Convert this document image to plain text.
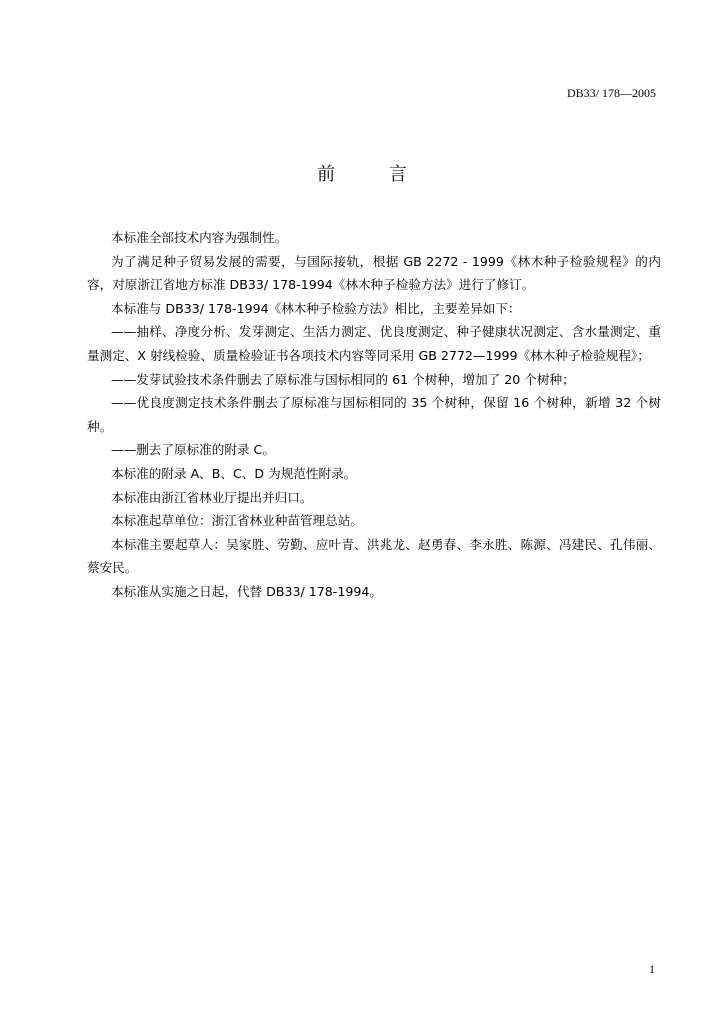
DB33/ 178—2005
前 言

本标准全部技术内容为强制性。

为了满足种子贸易发展的需要，与国际接轨，根据 GB 2272 - 1999《林木种子检验规程》的内容，对原浙江省地方标准 DB33/ 178-1994《林木种子检验方法》进行了修订。

本标准与 DB33/ 178-1994《林木种子检验方法》相比，主要差异如下：

——抽样、净度分析、发芽测定、生活力测定、优良度测定、种子健康状况测定、含水量测定、重量测定、X 射线检验、质量检验证书各项技术内容等同采用 GB 2772—1999《林木种子检验规程》；

——发芽试验技术条件删去了原标准与国标相同的 61 个树种，增加了 20 个树种；

——优良度测定技术条件删去了原标准与国标相同的 35 个树种，保留 16 个树种，新增 32 个树种。

——删去了原标准的附录 C。

本标准的附录 A、B、C、D 为规范性附录。

本标准由浙江省林业厅提出并归口。

本标准起草单位：浙江省林业种苗管理总站。

本标准主要起草人：吴家胜、劳勤、应叶青、洪兆龙、赵勇春、李永胜、陈源、冯建民、孔伟丽、蔡安民。

本标准从实施之日起，代替 DB33/ 178-1994。

1
